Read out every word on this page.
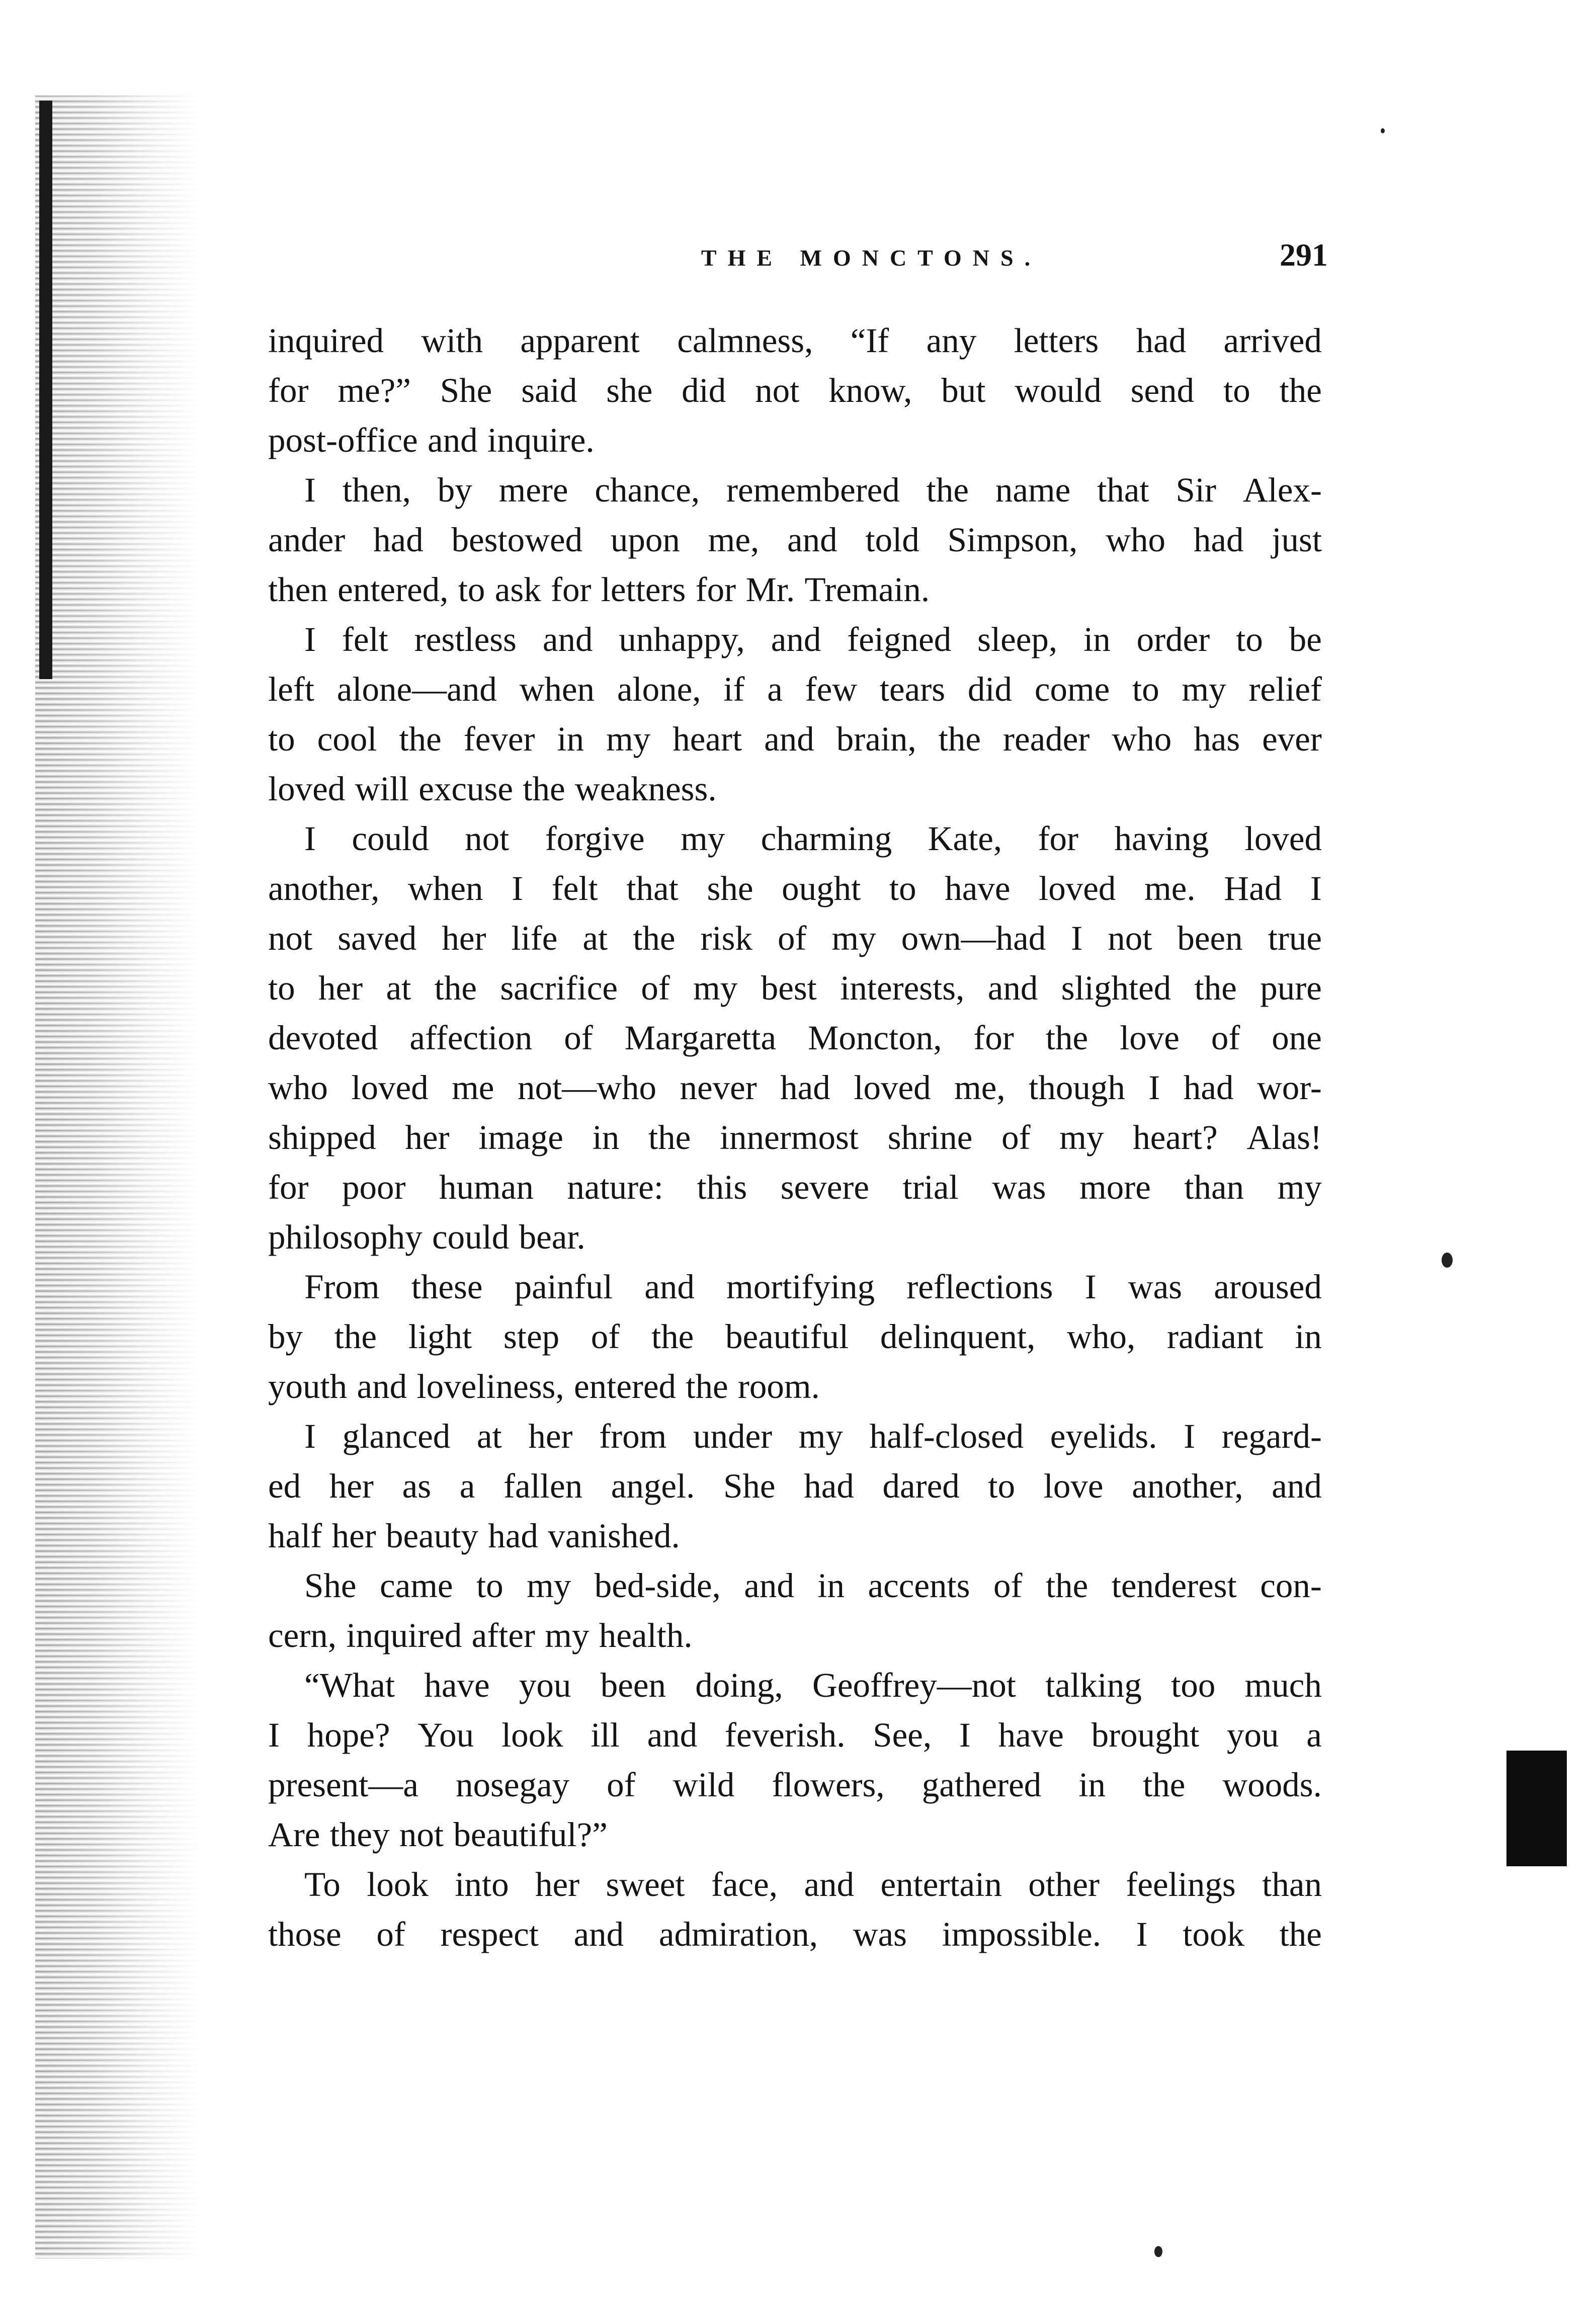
THE MONCTONS.	291
inquired with apparent calmness, “If any letters had arrived
for me?” She said she did not know, but would send to the
post-office and inquire.
I then, by mere chance, remembered the name that Sir Alex-
ander had bestowed upon me, and told Simpson, who had just
then entered, to ask for letters for Mr. Tremain.
I felt restless and unhappy, and feigned sleep, in order to be
left alone—and when alone, if a few tears did come to my relief
to cool the fever in my heart and brain, the reader who has ever
loved will excuse the weakness.
I could not forgive my charming Kate, for having loved
another, when I felt that she ought to have loved me. Had I
not saved her life at the risk of my own—had I not been true
to her at the sacrifice of my best interests, and slighted the pure
devoted affection of Margaretta Moncton, for the love of one
who loved me not—who never had loved me, though I had wor-
shipped her image in the innermost shrine of my heart? Alas!
for poor human nature: this severe trial was more than my
philosophy could bear.
From these painful and mortifying reflections I was aroused
by the light step of the beautiful delinquent, who, radiant in
youth and loveliness, entered the room.
I glanced at her from under my half-closed eyelids. I regard-
ed her as a fallen angel. She had dared to love another, and
half her beauty had vanished.
She came to my bed-side, and in accents of the tenderest con-
cern, inquired after my health.
“What have you been doing, Geoffrey—not talking too much
I hope? You look ill and feverish. See, I have brought you a
present—a nosegay of wild flowers, gathered in the woods.
Are they not beautiful?”
To look into her sweet face, and entertain other feelings than
those of respect and admiration, was impossible. I took the
